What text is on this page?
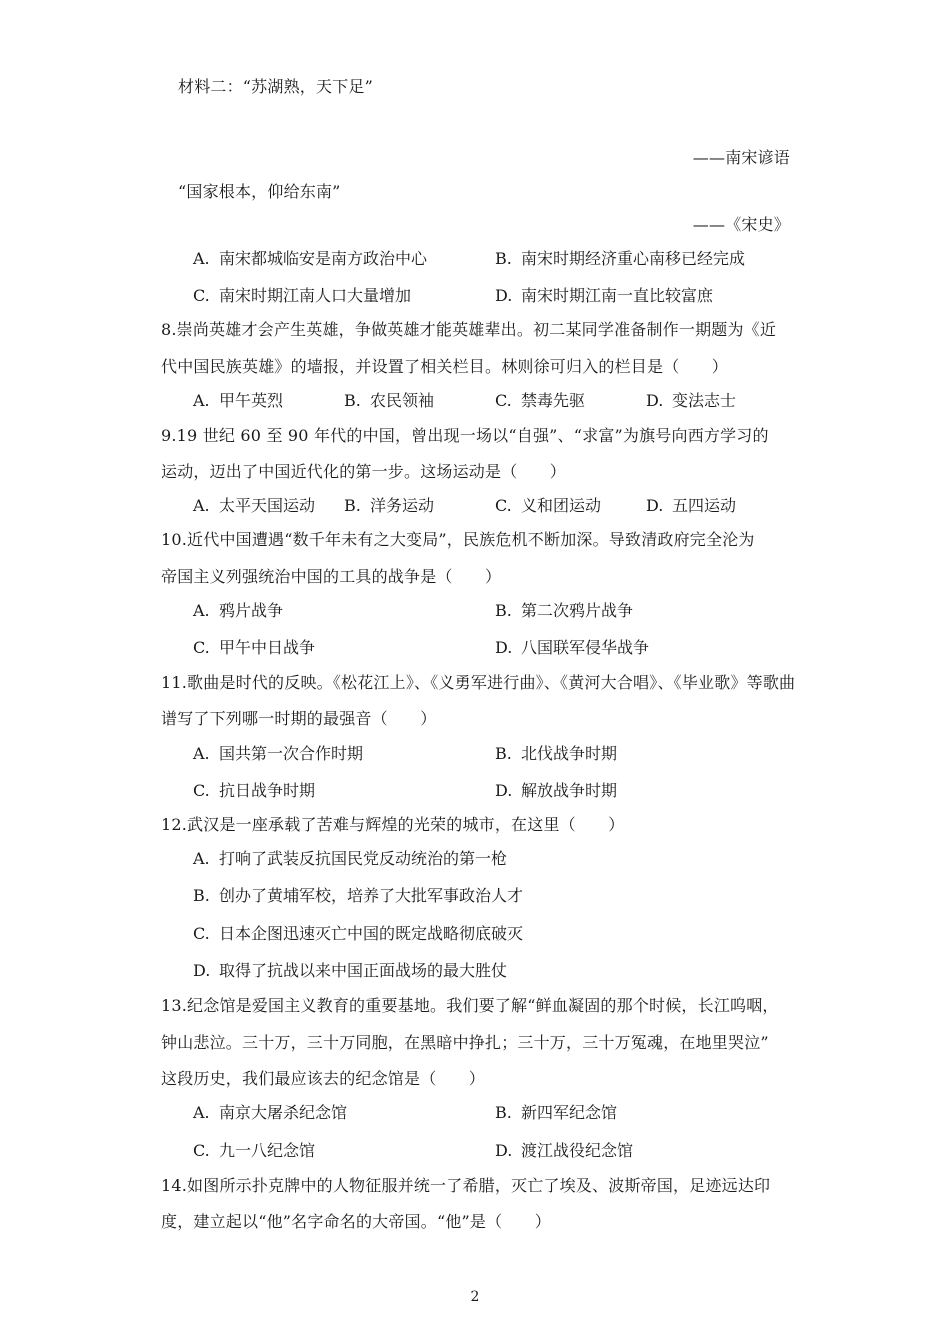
材料二：“苏湖熟，天下足”
——南宋谚语
“国家根本，仰给东南”
——《宋史》
A. 南宋都城临安是南方政治中心	B. 南宋时期经济重心南移已经完成
C. 南宋时期江南人口大量增加	D. 南宋时期江南一直比较富庶
8.崇尚英雄才会产生英雄，争做英雄才能英雄辈出。初二某同学准备制作一期题为《近
代中国民族英雄》的墙报，并设置了相关栏目。林则徐可归入的栏目是（　　）
A. 甲午英烈	B. 农民领袖	C. 禁毒先驱	D. 变法志士
9.19 世纪 60 至 90 年代的中国，曾出现一场以“自强”、“求富”为旗号向西方学习的
运动，迈出了中国近代化的第一步。这场运动是（　　）
A. 太平天国运动 B. 洋务运动	C. 义和团运动	D. 五四运动
10.近代中国遭遇“数千年未有之大变局”，民族危机不断加深。导致清政府完全沦为
帝国主义列强统治中国的工具的战争是（　　）
A. 鸦片战争	B. 第二次鸦片战争
C. 甲午中日战争	D. 八国联军侵华战争
11.歌曲是时代的反映。《松花江上》、《义勇军进行曲》、《黄河大合唱》、《毕业歌》等歌曲
谱写了下列哪一时期的最强音（　　）
A. 国共第一次合作时期	B. 北伐战争时期
C. 抗日战争时期	D. 解放战争时期
12.武汉是一座承载了苦难与辉煌的光荣的城市，在这里（　　）
A. 打响了武装反抗国民党反动统治的第一枪
B. 创办了黄埔军校，培养了大批军事政治人才
C. 日本企图迅速灭亡中国的既定战略彻底破灭
D. 取得了抗战以来中国正面战场的最大胜仗
13.纪念馆是爱国主义教育的重要基地。我们要了解“鲜血凝固的那个时候，长江呜咽，
钟山悲泣。三十万，三十万同胞，在黑暗中挣扎；三十万，三十万冤魂，在地里哭泣”
这段历史，我们最应该去的纪念馆是（　　）
A. 南京大屠杀纪念馆	B. 新四军纪念馆
C. 九一八纪念馆	D. 渡江战役纪念馆
14.如图所示扑克牌中的人物征服并统一了希腊，灭亡了埃及、波斯帝国，足迹远达印
度，建立起以“他”名字命名的大帝国。“他”是（　　）
2
